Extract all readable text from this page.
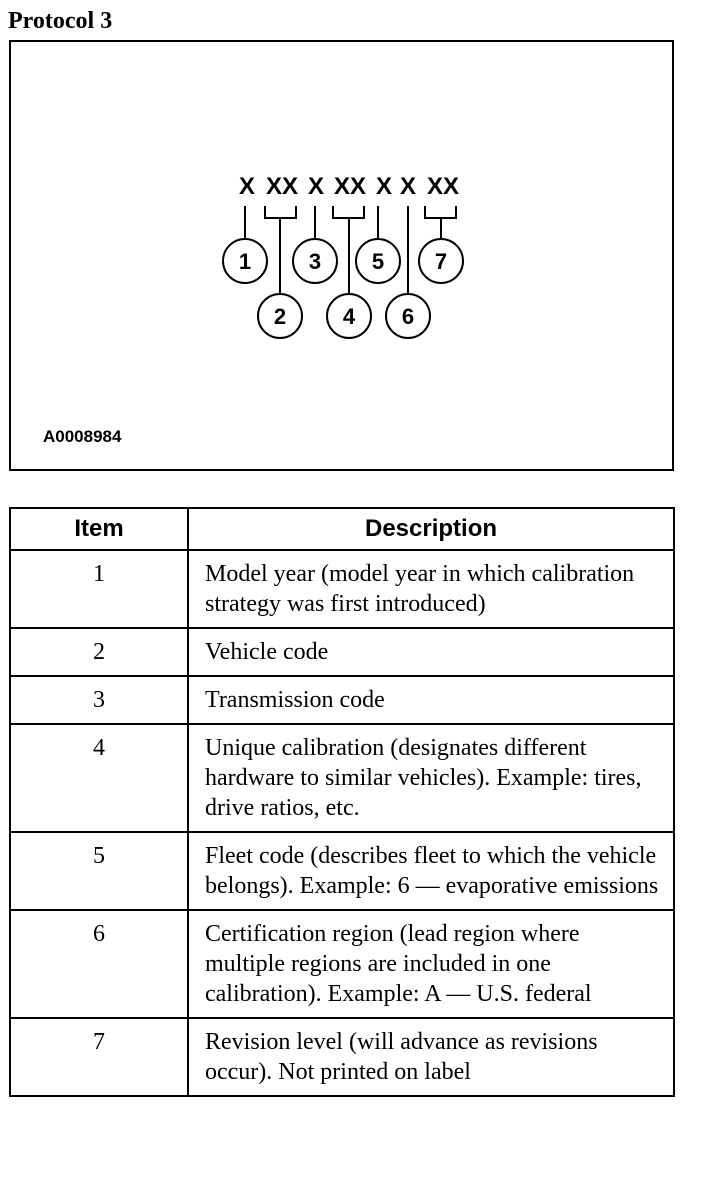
Protocol 3
X XX X XX X X XX
1	3 5 7
2	4 6
A0008984
Item	Description
1	Model year (model year in which calibration strategy was first introduced)
2	Vehicle code
3	Transmission code
4	Unique calibration (designates different hardware to similar vehicles). Example: tires, drive ratios, etc.
5	Fleet code (describes fleet to which the vehicle belongs). Example: 6 — evaporative emissions
6	Certification region (lead region where multiple regions are included in one calibration). Example: A — U.S. federal
7	Revision level (will advance as revisions occur). Not printed on label
